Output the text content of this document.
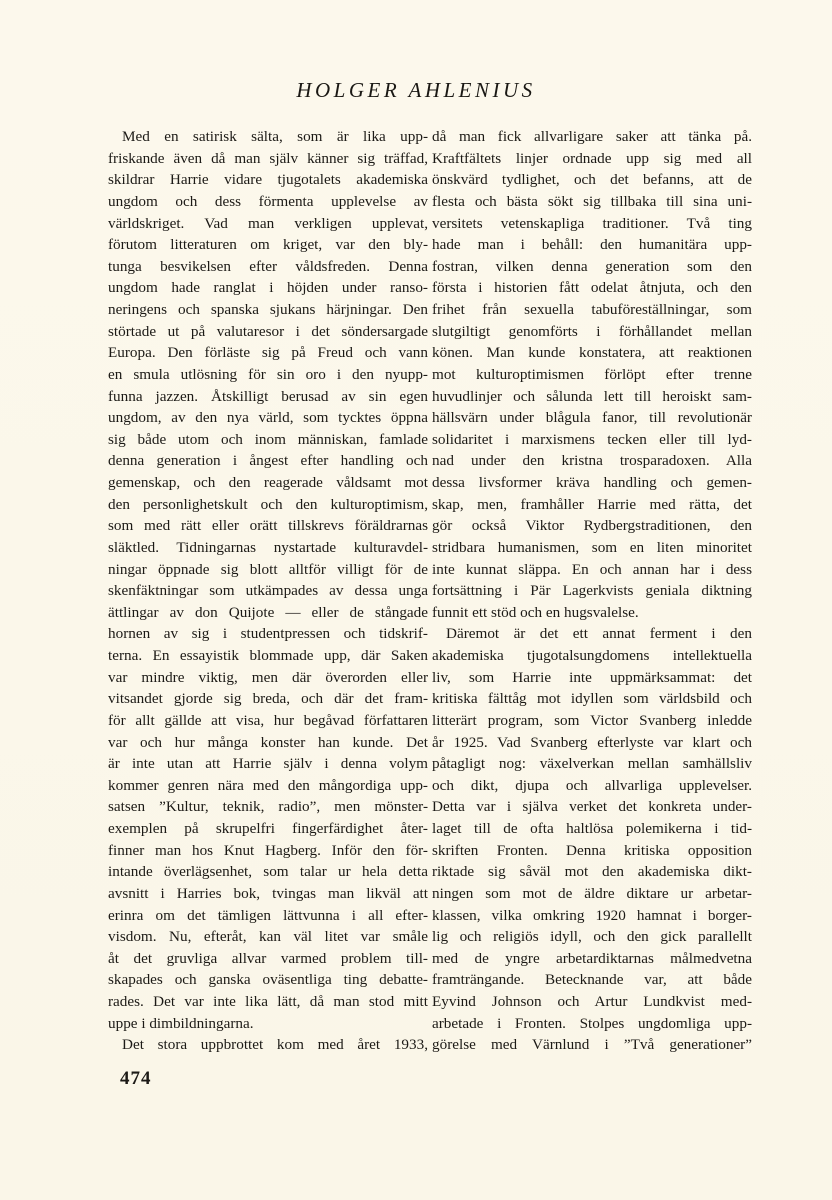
HOLGER AHLENIUS
Med en satirisk sälta, som är lika upp-
friskande även då man själv känner sig träffad,
skildrar Harrie vidare tjugotalets akademiska
ungdom och dess förmenta upplevelse av
världskriget. Vad man verkligen upplevat,
förutom litteraturen om kriget, var den bly-
tunga besvikelsen efter våldsfreden. Denna
ungdom hade ranglat i höjden under ranso-
neringens och spanska sjukans härjningar. Den
störtade ut på valutaresor i det söndersargade
Europa. Den förläste sig på Freud och vann
en smula utlösning för sin oro i den nyupp-
funna jazzen. Åtskilligt berusad av sin egen
ungdom, av den nya värld, som tycktes öppna
sig både utom och inom människan, famlade
denna generation i ångest efter handling och
gemenskap, och den reagerade våldsamt mot
den personlighetskult och den kulturoptimism,
som med rätt eller orätt tillskrevs föräldrarnas
släktled. Tidningarnas nystartade kulturavdel-
ningar öppnade sig blott alltför villigt för de
skenfäktningar som utkämpades av dessa unga
ättlingar av don Quijote — eller de stångade
hornen av sig i studentpressen och tidskrif-
terna. En essayistik blommade upp, där Saken
var mindre viktig, men där överorden eller
vitsandet gjorde sig breda, och där det fram-
för allt gällde att visa, hur begåvad författaren
var och hur många konster han kunde. Det
är inte utan att Harrie själv i denna volym
kommer genren nära med den mångordiga upp-
satsen ”Kultur, teknik, radio”, men mönster-
exemplen på skrupelfri fingerfärdighet åter-
finner man hos Knut Hagberg. Inför den för-
intande överlägsenhet, som talar ur hela detta
avsnitt i Harries bok, tvingas man likväl att
erinra om det tämligen lättvunna i all efter-
visdom. Nu, efteråt, kan väl litet var småle
åt det gruvliga allvar varmed problem till-
skapades och ganska oväsentliga ting debatte-
rades. Det var inte lika lätt, då man stod mitt
uppe i dimbildningarna.
Det stora uppbrottet kom med året 1933,
då man fick allvarligare saker att tänka på.
Kraftfältets linjer ordnade upp sig med all
önskvärd tydlighet, och det befanns, att de
flesta och bästa sökt sig tillbaka till sina uni-
versitets vetenskapliga traditioner. Två ting
hade man i behåll: den humanitära upp-
fostran, vilken denna generation som den
första i historien fått odelat åtnjuta, och den
frihet från sexuella tabuföreställningar, som
slutgiltigt genomförts i förhållandet mellan
könen. Man kunde konstatera, att reaktionen
mot kulturoptimismen förlöpt efter trenne
huvudlinjer och sålunda lett till heroiskt sam-
hällsvärn under blågula fanor, till revolutionär
solidaritet i marxismens tecken eller till lyd-
nad under den kristna trosparadoxen. Alla
dessa livsformer kräva handling och gemen-
skap, men, framhåller Harrie med rätta, det
gör också Viktor Rydbergstraditionen, den
stridbara humanismen, som en liten minoritet
inte kunnat släppa. En och annan har i dess
fortsättning i Pär Lagerkvists geniala diktning
funnit ett stöd och en hugsvalelse.
Däremot är det ett annat ferment i den
akademiska tjugotalsungdomens intellektuella
liv, som Harrie inte uppmärksammat: det
kritiska fälttåg mot idyllen som världsbild och
litterärt program, som Victor Svanberg inledde
år 1925. Vad Svanberg efterlyste var klart och
påtagligt nog: växelverkan mellan samhällsliv
och dikt, djupa och allvarliga upplevelser.
Detta var i själva verket det konkreta under-
laget till de ofta haltlösa polemikerna i tid-
skriften Fronten. Denna kritiska opposition
riktade sig såväl mot den akademiska dikt-
ningen som mot de äldre diktare ur arbetar-
klassen, vilka omkring 1920 hamnat i borger-
lig och religiös idyll, och den gick parallellt
med de yngre arbetardiktarnas målmedvetna
framträngande. Betecknande var, att både
Eyvind Johnson och Artur Lundkvist med-
arbetade i Fronten. Stolpes ungdomliga upp-
görelse med Värnlund i ”Två generationer”
474
